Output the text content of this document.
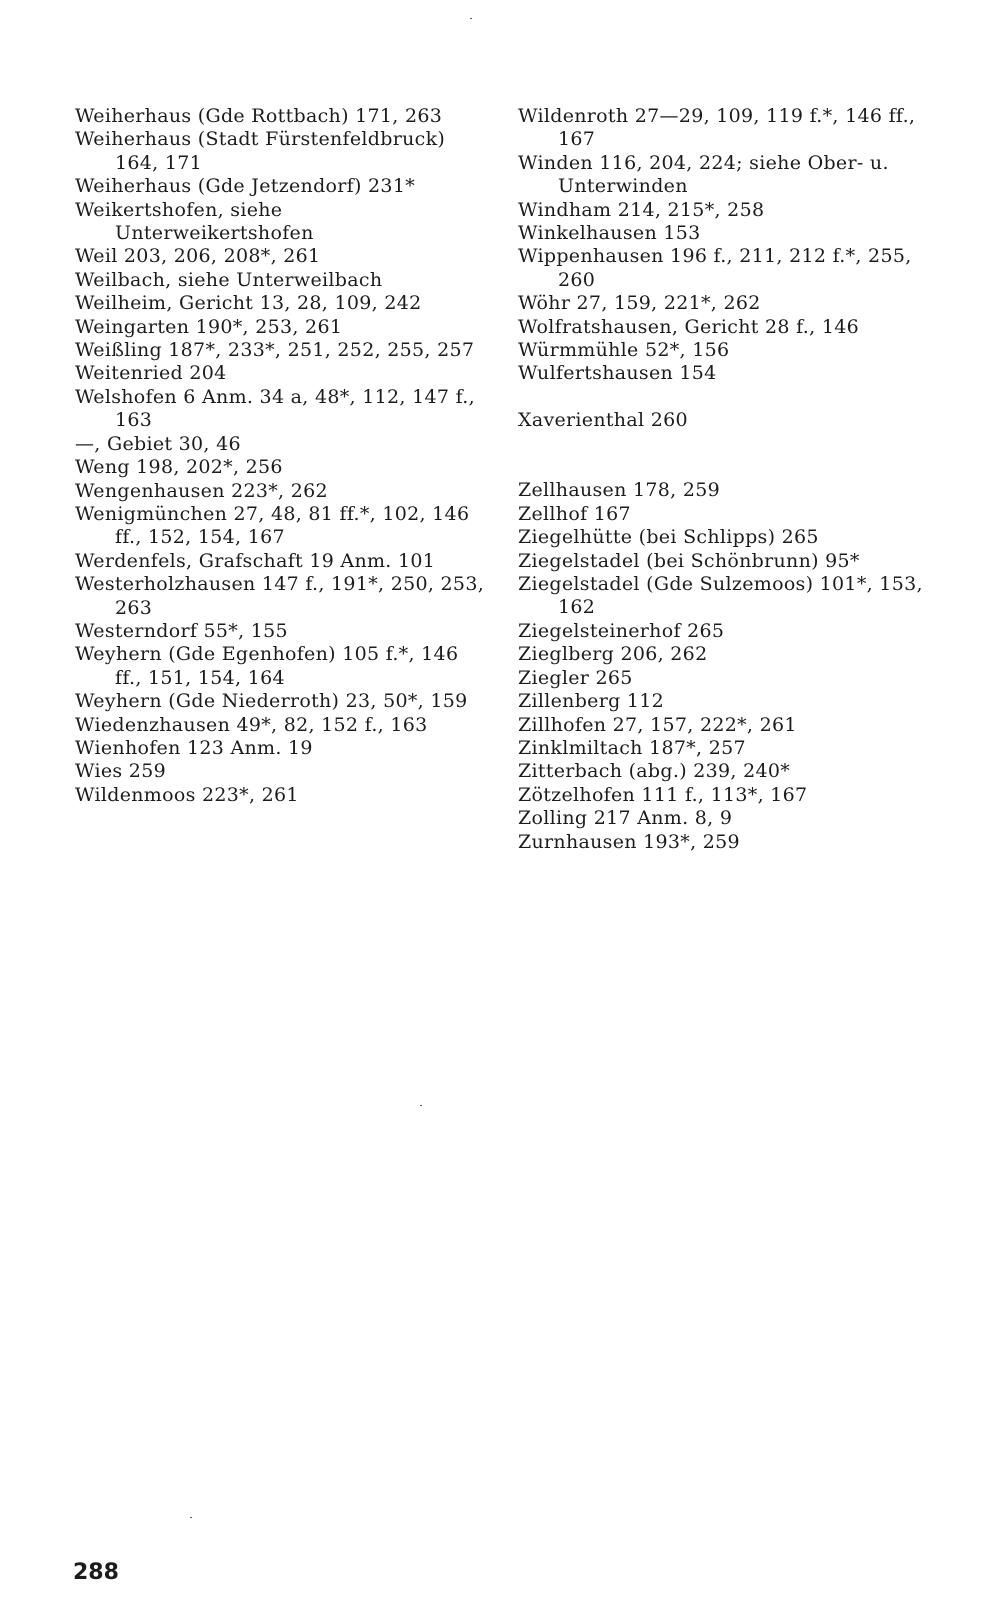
Weiherhaus (Gde Rottbach) 171, 263
Weiherhaus (Stadt Fürstenfeldbruck) 164, 171
Weiherhaus (Gde Jetzendorf) 231*
Weikertshofen, siehe Unterweikertshofen
Weil 203, 206, 208*, 261
Weilbach, siehe Unterweilbach
Weilheim, Gericht 13, 28, 109, 242
Weingarten 190*, 253, 261
Weißling 187*, 233*, 251, 252, 255, 257
Weitenried 204
Welshofen 6 Anm. 34 a, 48*, 112, 147 f., 163
—, Gebiet 30, 46
Weng 198, 202*, 256
Wengenhausen 223*, 262
Wenigmünchen 27, 48, 81 ff.*, 102, 146 ff., 152, 154, 167
Werdenfels, Grafschaft 19 Anm. 101
Westerholzhausen 147 f., 191*, 250, 253, 263
Westerndorf 55*, 155
Weyhern (Gde Egenhofen) 105 f.*, 146 ff., 151, 154, 164
Weyhern (Gde Niederroth) 23, 50*, 159
Wiedenzhausen 49*, 82, 152 f., 163
Wienhofen 123 Anm. 19
Wies 259
Wildenmoos 223*, 261
Wildenroth 27—29, 109, 119 f.*, 146 ff., 167
Winden 116, 204, 224; siehe Ober- u. Unterwinden
Windham 214, 215*, 258
Winkelhausen 153
Wippenhausen 196 f., 211, 212 f.*, 255, 260
Wöhr 27, 159, 221*, 262
Wolfratshausen, Gericht 28 f., 146
Würmmühle 52*, 156
Wulfertshausen 154
Xaverienthal 260
Zellhausen 178, 259
Zellhof 167
Ziegelhütte (bei Schlipps) 265
Ziegelstadel (bei Schönbrunn) 95*
Ziegelstadel (Gde Sulzemoos) 101*, 153, 162
Ziegelsteinerhof 265
Zieglberg 206, 262
Ziegler 265
Zillenberg 112
Zillhofen 27, 157, 222*, 261
Zinklmiltach 187*, 257
Zitterbach (abg.) 239, 240*
Zötzelhofen 111 f., 113*, 167
Zolling 217 Anm. 8, 9
Zurnhausen 193*, 259
288
